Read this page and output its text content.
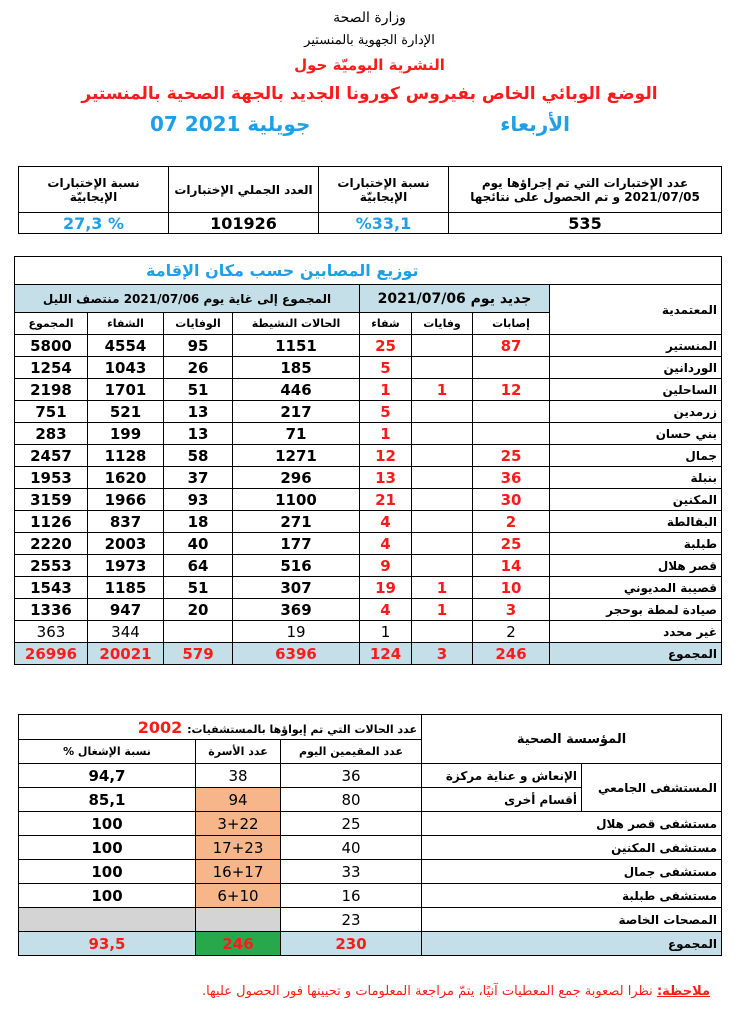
وزارة الصحة
الإدارة الجهوية بالمنستير
النشرية اليوميّة حول
الوضع الوبائي الخاص بفيروس كورونا الجديد بالجهة الصحية بالمنستير
07 جويلية 2021	الأربعاء
نسبة الإختبارات الإيجابيّة	العدد الجملي الإختبارات	نسبة الإختبارات الإيجابيّة	عدد الإختبارات التي تم إجراؤها يوم 2021/07/05 و تم الحصول على نتائجها
27,3 %	101926	%33,1	535
توزيع المصابين حسب مكان الإقامة							
المجموع إلى غاية يوم 2021/07/06 منتصف الليل				جديد يوم 2021/07/06			المعتمدية
المجموع	الشفاء	الوفايات	الحالات النشيطة	شفاء	وفايات	إصابات	
5800	4554	95	1151	25		87	المنستير
1254	1043	26	185	5			الوردانين
2198	1701	51	446	1	1	12	الساحلين
751	521	13	217	5			زرمدين
283	199	13	71	1			بني حسان
2457	1128	58	1271	12		25	جمال
1953	1620	37	296	13		36	بنبلة
3159	1966	93	1100	21		30	المكنين
1126	837	18	271	4		2	البقالطة
2220	2003	40	177	4		25	طبلبة
2553	1973	64	516	9		14	قصر هلال
1543	1185	51	307	19	1	10	قصيبة المديوني
1336	947	20	369	4	1	3	صيادة لمطة بوحجر
363	344		19	1		2	غير محدد
26996	20021	579	6396	124	3	246	المجموع
عدد الحالات التي تم إيواؤها بالمستشفيات: 2002			المؤسسة الصحية	
نسبة الإشغال %	عدد الأسرة	عدد المقيمين اليوم		
94,7	38	36	الإنعاش و عناية مركزة	المستشفى الجامعي
85,1	94	80	أقسام أخرى	
100	3+22	25	مستشفى قصر هلال	
100	17+23	40	مستشفى المكنين	
100	16+17	33	مستشفى جمال	
100	6+10	16	مستشفى طبلبة	
		23	المصحات الخاصة	
93,5	246	230	المجموع	
ملاحظة: نظرا لصعوبة جمع المعطيات آنيًا، يتمّ مراجعة المعلومات و تحيينها فور الحصول عليها.
